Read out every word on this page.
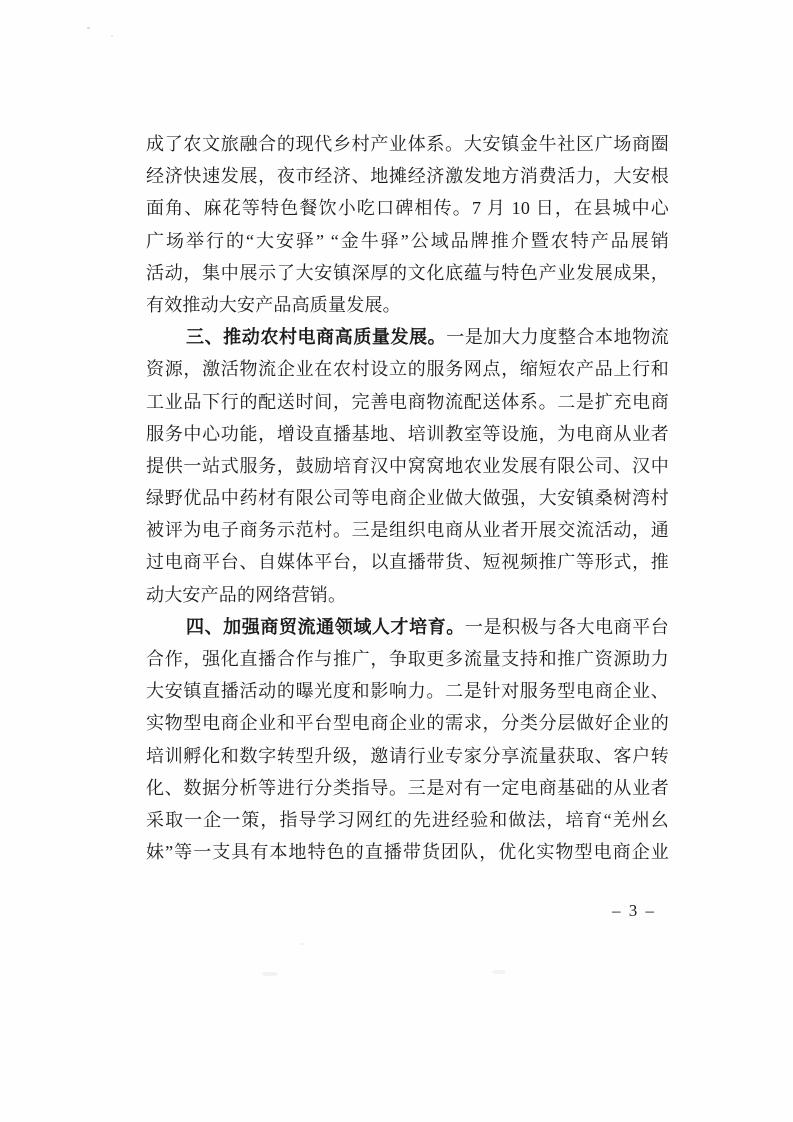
成了农文旅融合的现代乡村产业体系。大安镇金牛社区广场商圈
经济快速发展，夜市经济、地摊经济激发地方消费活力，大安根
面角、麻花等特色餐饮小吃口碑相传。7 月 10 日，在县城中心
广场举行的“大安驿” “金牛驿”公域品牌推介暨农特产品展销
活动，集中展示了大安镇深厚的文化底蕴与特色产业发展成果，
有效推动大安产品高质量发展。
三、推动农村电商高质量发展。一是加大力度整合本地物流
资源，激活物流企业在农村设立的服务网点，缩短农产品上行和
工业品下行的配送时间，完善电商物流配送体系。二是扩充电商
服务中心功能，增设直播基地、培训教室等设施，为电商从业者
提供一站式服务，鼓励培育汉中窝窝地农业发展有限公司、汉中
绿野优品中药材有限公司等电商企业做大做强，大安镇桑树湾村
被评为电子商务示范村。三是组织电商从业者开展交流活动，通
过电商平台、自媒体平台，以直播带货、短视频推广等形式，推
动大安产品的网络营销。
四、加强商贸流通领域人才培育。一是积极与各大电商平台
合作，强化直播合作与推广，争取更多流量支持和推广资源助力
大安镇直播活动的曝光度和影响力。二是针对服务型电商企业、
实物型电商企业和平台型电商企业的需求，分类分层做好企业的
培训孵化和数字转型升级，邀请行业专家分享流量获取、客户转
化、数据分析等进行分类指导。三是对有一定电商基础的从业者
采取一企一策，指导学习网红的先进经验和做法，培育“羌州幺
妹”等一支具有本地特色的直播带货团队，优化实物型电商企业
– 3 –
